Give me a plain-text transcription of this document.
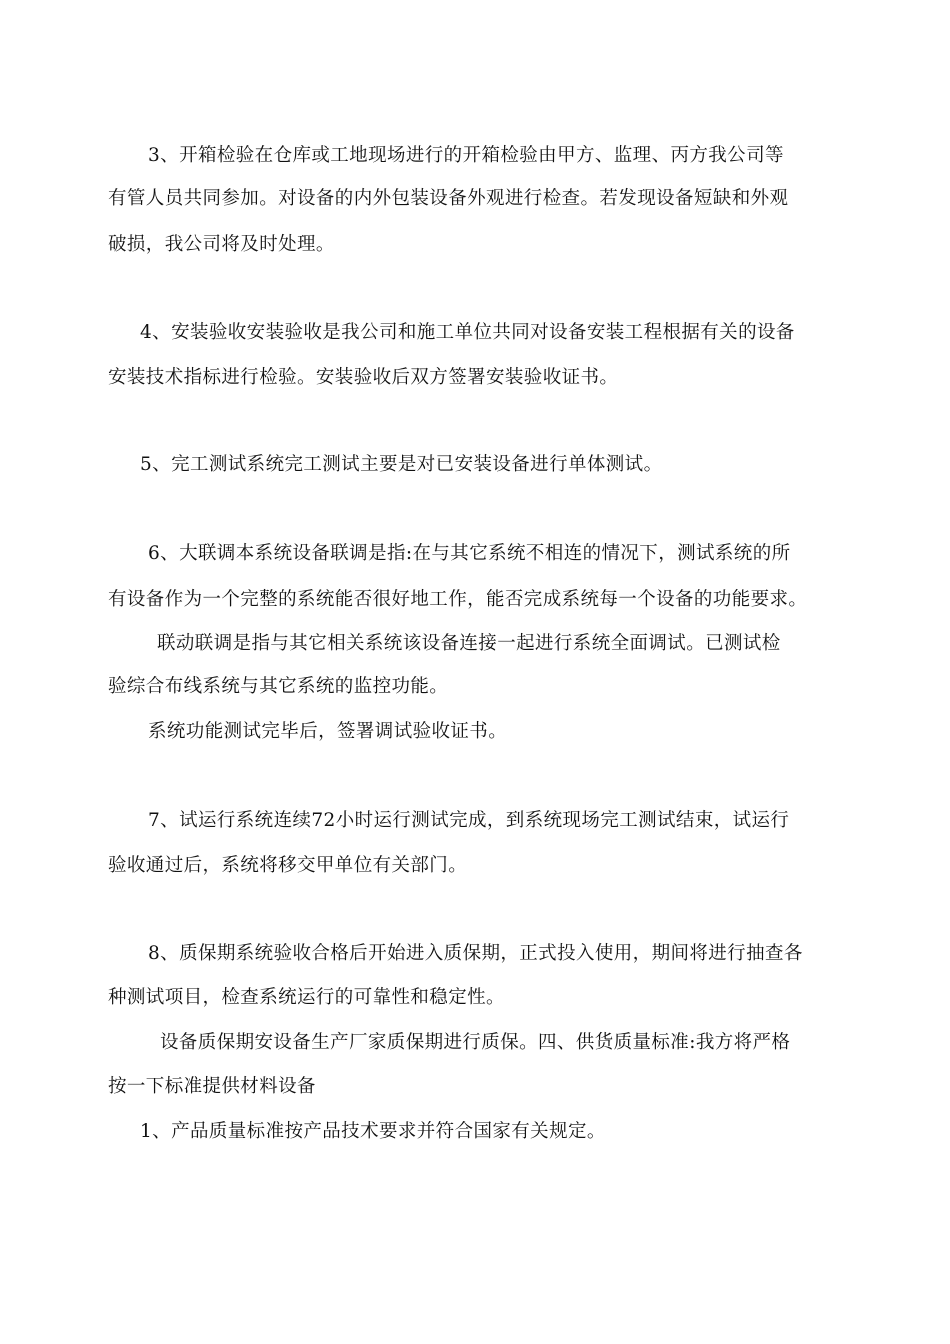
3、开箱检验在仓库或工地现场进行的开箱检验由甲方、监理、丙方我公司等

有管人员共同参加。对设备的内外包装设备外观进行检查。若发现设备短缺和外观

破损，我公司将及时处理。

4、安装验收安装验收是我公司和施工单位共同对设备安装工程根据有关的设备

安装技术指标进行检验。安装验收后双方签署安装验收证书。

5、完工测试系统完工测试主要是对已安装设备进行单体测试。

6、大联调本系统设备联调是指:在与其它系统不相连的情况下，测试系统的所

有设备作为一个完整的系统能否很好地工作，能否完成系统每一个设备的功能要求。

联动联调是指与其它相关系统该设备连接一起进行系统全面调试。已测试检

验综合布线系统与其它系统的监控功能。

系统功能测试完毕后，签署调试验收证书。

7、试运行系统连续72小时运行测试完成，到系统现场完工测试结束，试运行

验收通过后，系统将移交甲单位有关部门。

8、质保期系统验收合格后开始进入质保期，正式投入使用，期间将进行抽查各

种测试项目，检查系统运行的可靠性和稳定性。

设备质保期安设备生产厂家质保期进行质保。四、供货质量标准:我方将严格

按一下标准提供材料设备

1、产品质量标准按产品技术要求并符合国家有关规定。
